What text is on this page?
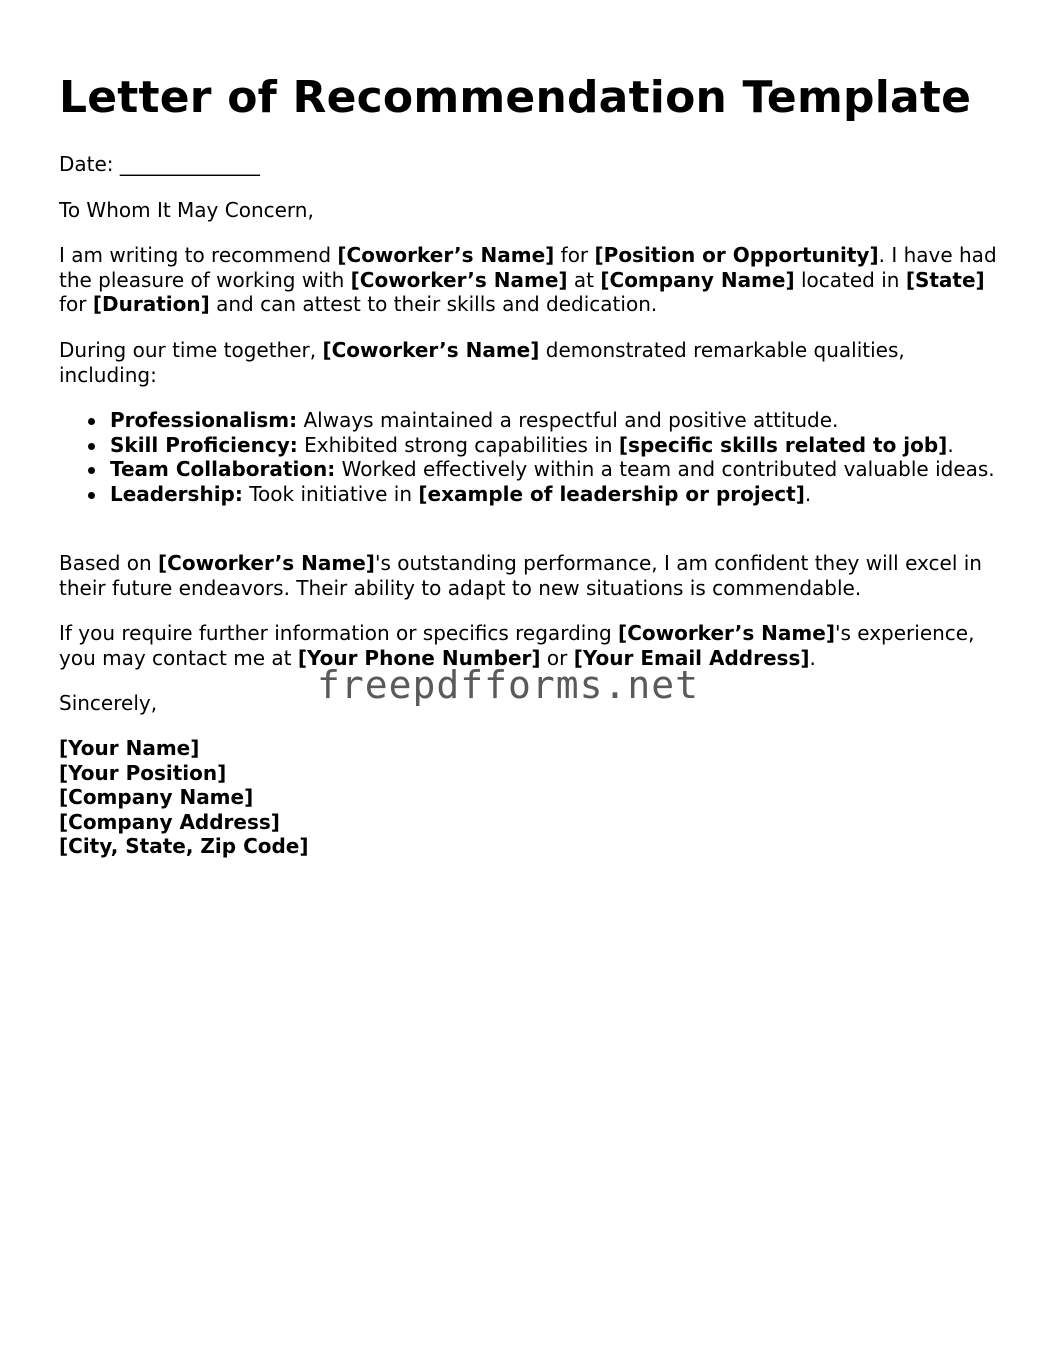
Letter of Recommendation Template
Date: ______________
To Whom It May Concern,
I am writing to recommend [Coworker’s Name] for [Position or Opportunity]. I have had the pleasure of working with [Coworker’s Name] at [Company Name] located in [State] for [Duration] and can attest to their skills and dedication.
During our time together, [Coworker’s Name] demonstrated remarkable qualities, including:
Professionalism: Always maintained a respectful and positive attitude.
Skill Proficiency: Exhibited strong capabilities in [specific skills related to job].
Team Collaboration: Worked effectively within a team and contributed valuable ideas.
Leadership: Took initiative in [example of leadership or project].
Based on [Coworker’s Name]'s outstanding performance, I am confident they will excel in their future endeavors. Their ability to adapt to new situations is commendable.
If you require further information or specifics regarding [Coworker’s Name]'s experience, you may contact me at [Your Phone Number] or [Your Email Address].
Sincerely,
[Your Name]
[Your Position]
[Company Name]
[Company Address]
[City, State, Zip Code]
freepdfforms.net
